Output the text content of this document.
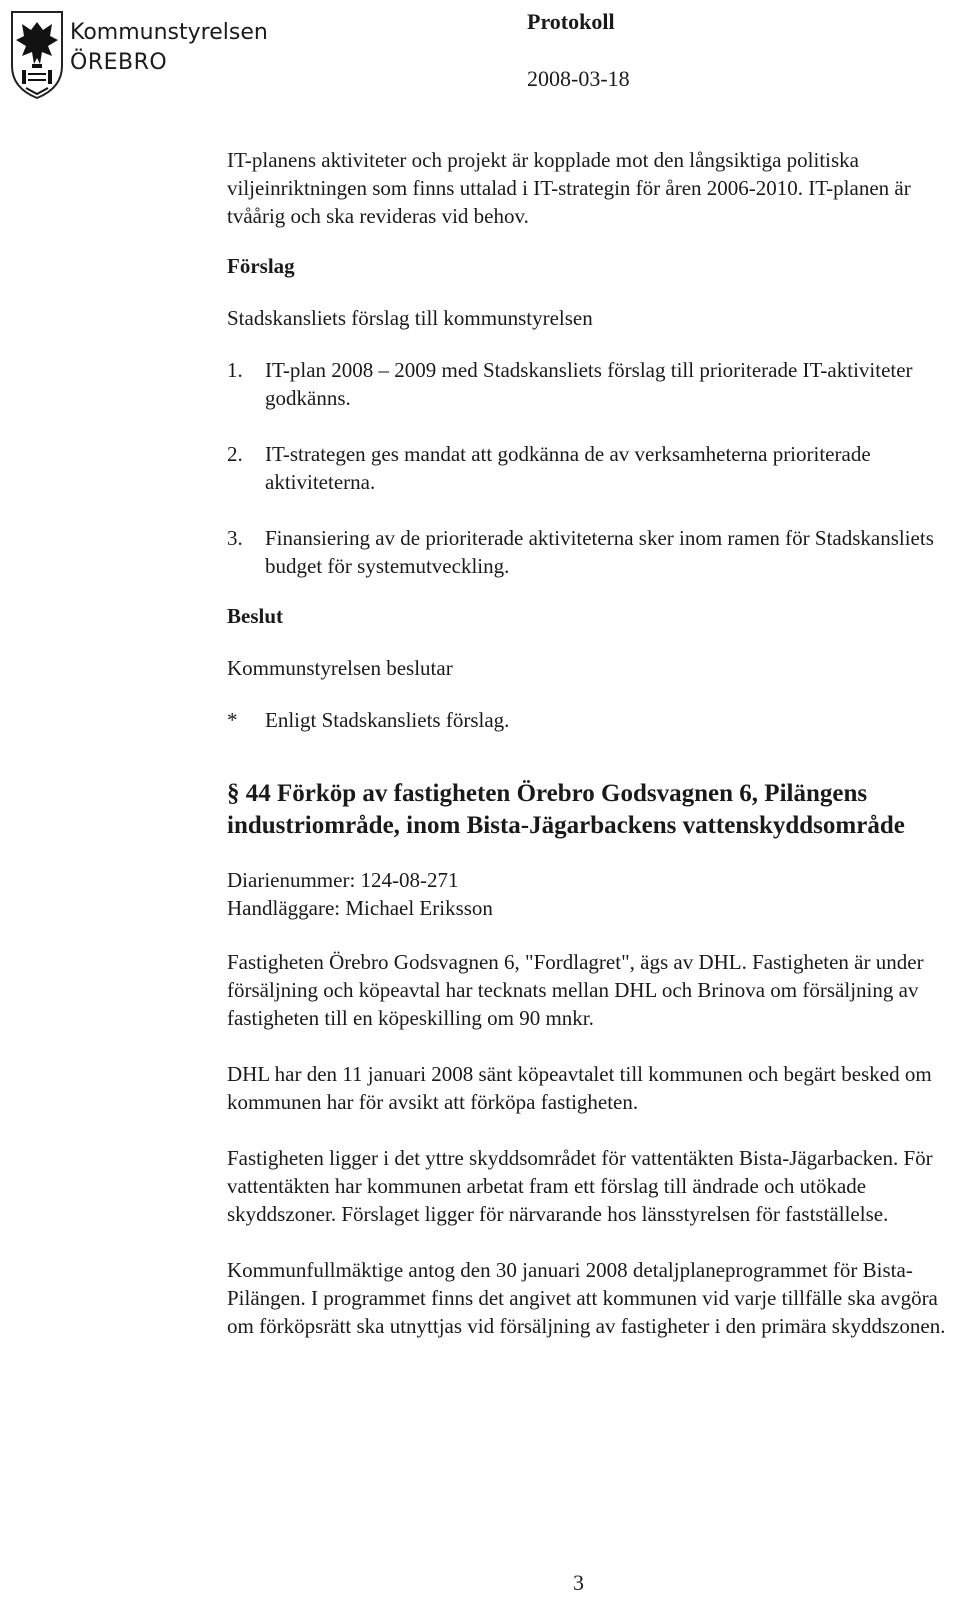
Kommunstyrelsen
ÖREBRO
Protokoll
2008-03-18

IT-planens aktiviteter och projekt är kopplade mot den långsiktiga politiska viljeinriktningen som finns uttalad i IT-strategin för åren 2006-2010. IT-planen är tvåårig och ska revideras vid behov.

Förslag

Stadskansliets förslag till kommunstyrelsen

1. IT-plan 2008 – 2009 med Stadskansliets förslag till prioriterade IT-aktiviteter godkänns.
2. IT-strategen ges mandat att godkänna de av verksamheterna prioriterade aktiviteterna.
3. Finansiering av de prioriterade aktiviteterna sker inom ramen för Stadskansliets budget för systemutveckling.

Beslut

Kommunstyrelsen beslutar

* Enligt Stadskansliets förslag.

§ 44 Förköp av fastigheten Örebro Godsvagnen 6, Pilängens industriområde, inom Bista-Jägarbackens vattenskyddsområde

Diarienummer: 124-08-271
Handläggare: Michael Eriksson

Fastigheten Örebro Godsvagnen 6, "Fordlagret", ägs av DHL. Fastigheten är under försäljning och köpeavtal har tecknats mellan DHL och Brinova om försäljning av fastigheten till en köpeskilling om 90 mnkr.

DHL har den 11 januari 2008 sänt köpeavtalet till kommunen och begärt besked om kommunen har för avsikt att förköpa fastigheten.

Fastigheten ligger i det yttre skyddsområdet för vattentäkten Bista-Jägarbacken. För vattentäkten har kommunen arbetat fram ett förslag till ändrade och utökade skyddszoner. Förslaget ligger för närvarande hos länsstyrelsen för fastställelse.

Kommunfullmäktige antog den 30 januari 2008 detaljplaneprogrammet för Bista-Pilängen. I programmet finns det angivet att kommunen vid varje tillfälle ska avgöra om förköpsrätt ska utnyttjas vid försäljning av fastigheter i den primära skyddszonen.

3
